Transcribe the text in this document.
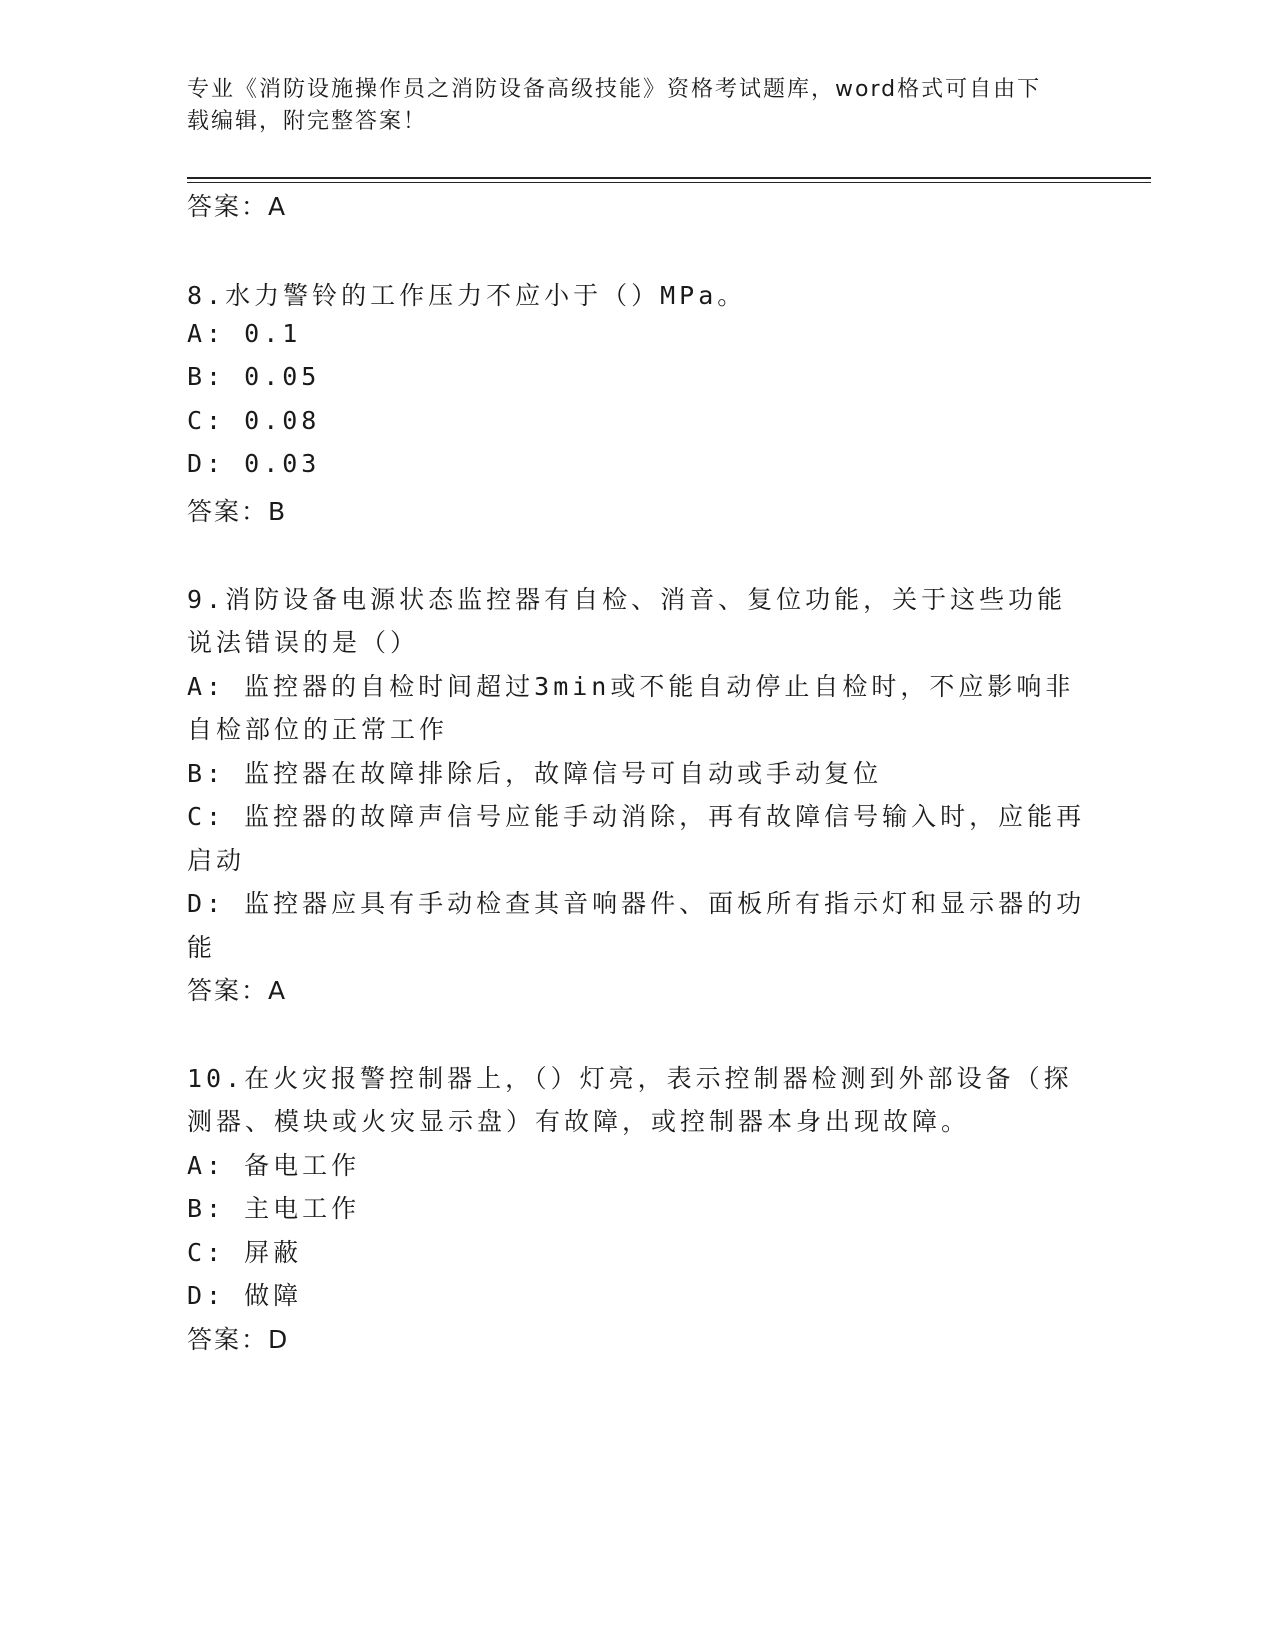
专业《消防设施操作员之消防设备高级技能》资格考试题库，word格式可自由下
载编辑，附完整答案！
答案：A
8.水力警铃的工作压力不应小于（）MPa。
A: 0.1
B: 0.05
C: 0.08
D: 0.03
答案：B
9.消防设备电源状态监控器有自检、消音、复位功能，关于这些功能
说法错误的是（）
A: 监控器的自检时间超过3min或不能自动停止自检时，不应影响非
自检部位的正常工作
B: 监控器在故障排除后，故障信号可自动或手动复位
C: 监控器的故障声信号应能手动消除，再有故障信号输入时，应能再
启动
D: 监控器应具有手动检查其音响器件、面板所有指示灯和显示器的功
能
答案：A
10.在火灾报警控制器上，（）灯亮，表示控制器检测到外部设备（探
测器、模块或火灾显示盘）有故障，或控制器本身出现故障。
A: 备电工作
B: 主电工作
C: 屏蔽
D: 做障
答案：D
